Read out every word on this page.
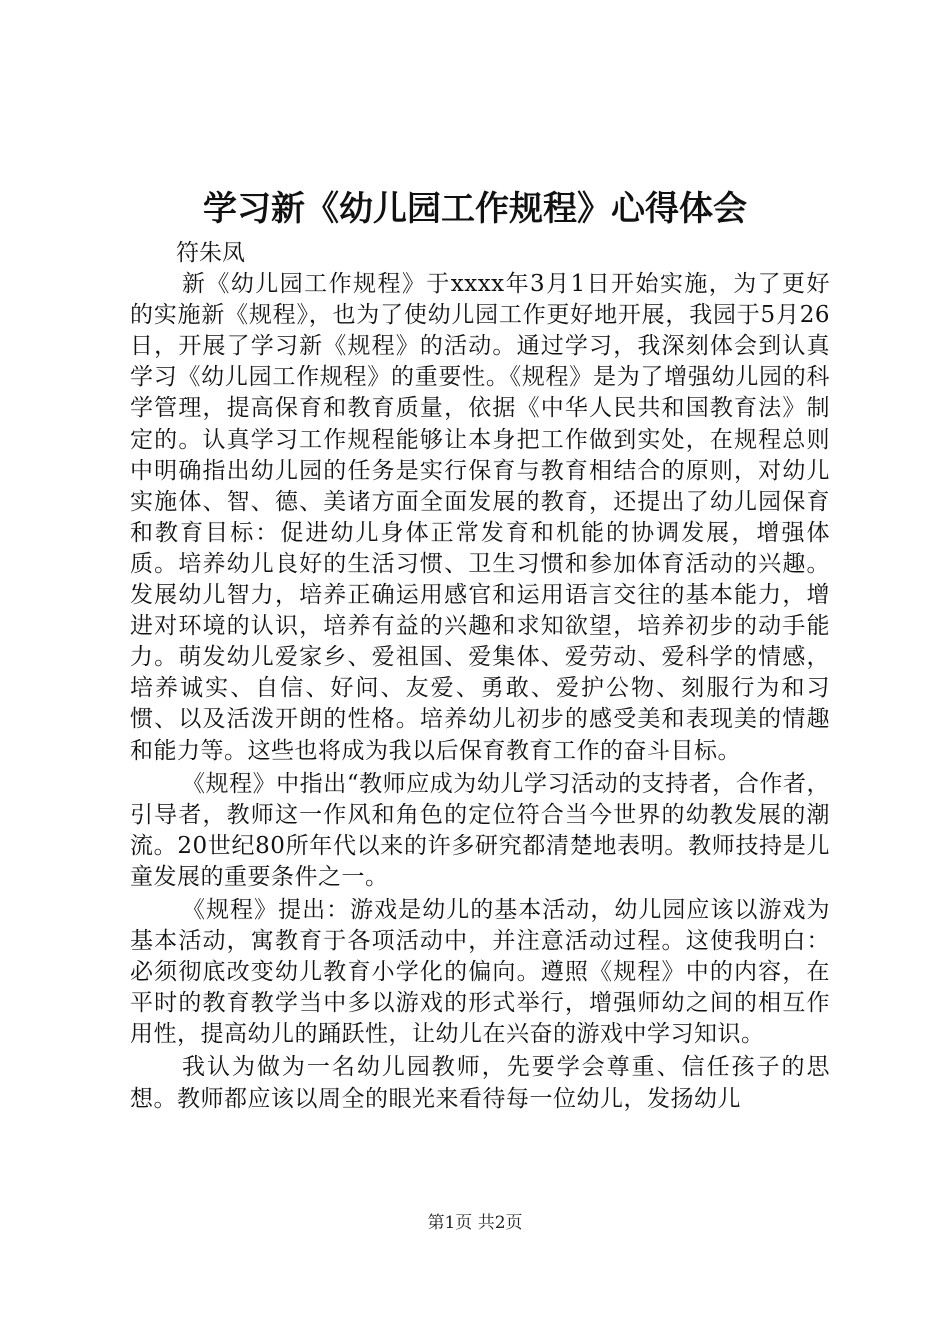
学习新《幼儿园工作规程》心得体会

符朱凤

新《幼儿园工作规程》于xxxx年3月1日开始实施，为了更好的实施新《规程》，也为了使幼儿园工作更好地开展，我园于5月26日，开展了学习新《规程》的活动。通过学习，我深刻体会到认真学习《幼儿园工作规程》的重要性。《规程》是为了增强幼儿园的科学管理，提高保育和教育质量，依据《中华人民共和国教育法》制定的。认真学习工作规程能够让本身把工作做到实处，在规程总则中明确指出幼儿园的任务是实行保育与教育相结合的原则，对幼儿实施体、智、德、美诸方面全面发展的教育，还提出了幼儿园保育和教育目标：促进幼儿身体正常发育和机能的协调发展，增强体质。培养幼儿良好的生活习惯、卫生习惯和参加体育活动的兴趣。发展幼儿智力，培养正确运用感官和运用语言交往的基本能力，增进对环境的认识，培养有益的兴趣和求知欲望，培养初步的动手能力。萌发幼儿爱家乡、爱祖国、爱集体、爱劳动、爱科学的情感，培养诚实、自信、好问、友爱、勇敢、爱护公物、刻服行为和习惯、以及活泼开朗的性格。培养幼儿初步的感受美和表现美的情趣和能力等。这些也将成为我以后保育教育工作的奋斗目标。

《规程》中指出“教师应成为幼儿学习活动的支持者，合作者，引导者，教师这一作风和角色的定位符合当今世界的幼教发展的潮流。20世纪80所年代以来的许多研究都清楚地表明。教师技持是儿童发展的重要条件之一。

《规程》提出：游戏是幼儿的基本活动，幼儿园应该以游戏为基本活动，寓教育于各项活动中，并注意活动过程。这使我明白：必须彻底改变幼儿教育小学化的偏向。遵照《规程》中的内容，在平时的教育教学当中多以游戏的形式举行，增强师幼之间的相互作用性，提高幼儿的踊跃性，让幼儿在兴奋的游戏中学习知识。

我认为做为一名幼儿园教师，先要学会尊重、信任孩子的思想。教师都应该以周全的眼光来看待每一位幼儿，发扬幼儿

第1页 共2页
